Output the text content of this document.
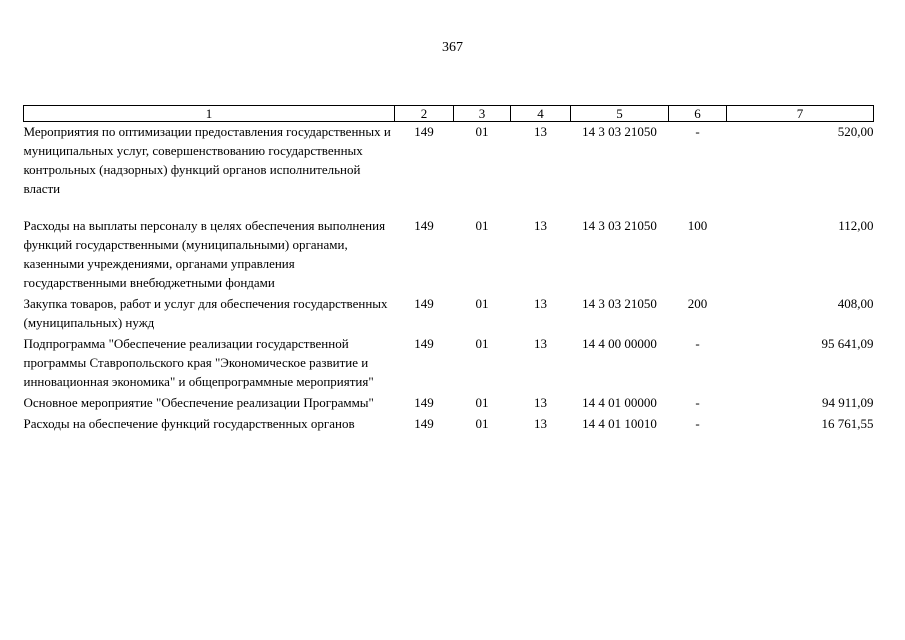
367
1	2	3	4	5	6	7
Мероприятия по оптимизации предоставления государственных и муниципальных услуг, совершенствованию государственных контрольных (надзорных) функций органов исполнительной власти	149	01	13	14 3 03 21050	-	520,00
Расходы на выплаты персоналу в целях обеспечения выполнения функций государственными (муниципальными) органами, казенными учреждениями, органами управления государственными внебюджетными фондами	149	01	13	14 3 03 21050	100	112,00
Закупка товаров, работ и услуг для обеспечения государственных (муниципальных) нужд	149	01	13	14 3 03 21050	200	408,00
Подпрограмма "Обеспечение реализации государственной программы Ставропольского края "Экономическое развитие и инновационная экономика" и общепрограммные мероприятия"	149	01	13	14 4 00 00000	-	95 641,09
Основное мероприятие "Обеспечение реализации Программы"	149	01	13	14 4 01 00000	-	94 911,09
Расходы на обеспечение функций государственных органов	149	01	13	14 4 01 10010	-	16 761,55
